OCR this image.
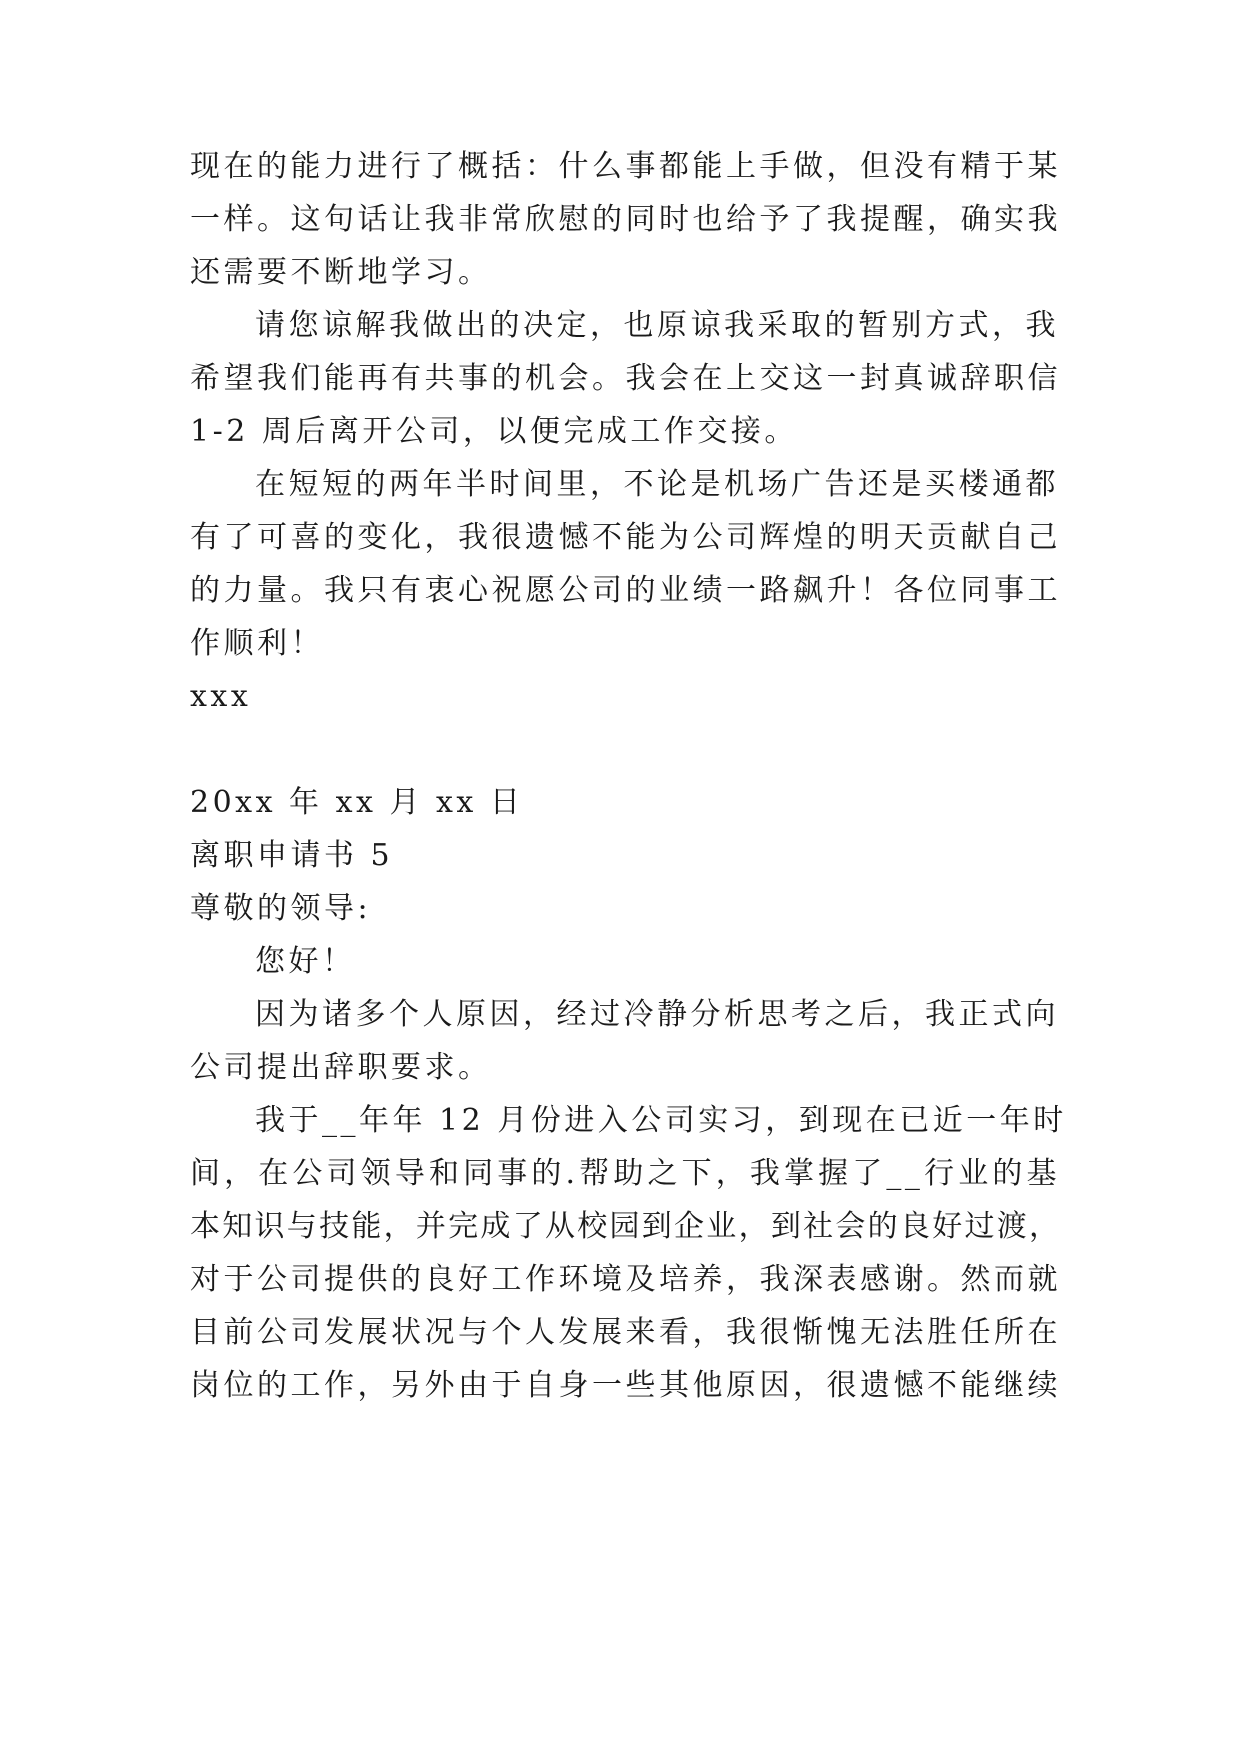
现在的能力进行了概括：什么事都能上手做，但没有精于某
一样。这句话让我非常欣慰的同时也给予了我提醒，确实我
还需要不断地学习。
请您谅解我做出的决定，也原谅我采取的暂别方式，我
希望我们能再有共事的机会。我会在上交这一封真诚辞职信
1-2 周后离开公司，以便完成工作交接。
在短短的两年半时间里，不论是机场广告还是买楼通都
有了可喜的变化，我很遗憾不能为公司辉煌的明天贡献自己
的力量。我只有衷心祝愿公司的业绩一路飙升！各位同事工
作顺利！
xxx
20xx 年 xx 月 xx 日
离职申请书 5
尊敬的领导:
您好！
因为诸多个人原因，经过冷静分析思考之后，我正式向
公司提出辞职要求。
我于__年年 12 月份进入公司实习，到现在已近一年时
间，在公司领导和同事的.帮助之下，我掌握了__行业的基
本知识与技能，并完成了从校园到企业，到社会的良好过渡，
对于公司提供的良好工作环境及培养，我深表感谢。然而就
目前公司发展状况与个人发展来看，我很惭愧无法胜任所在
岗位的工作，另外由于自身一些其他原因，很遗憾不能继续
